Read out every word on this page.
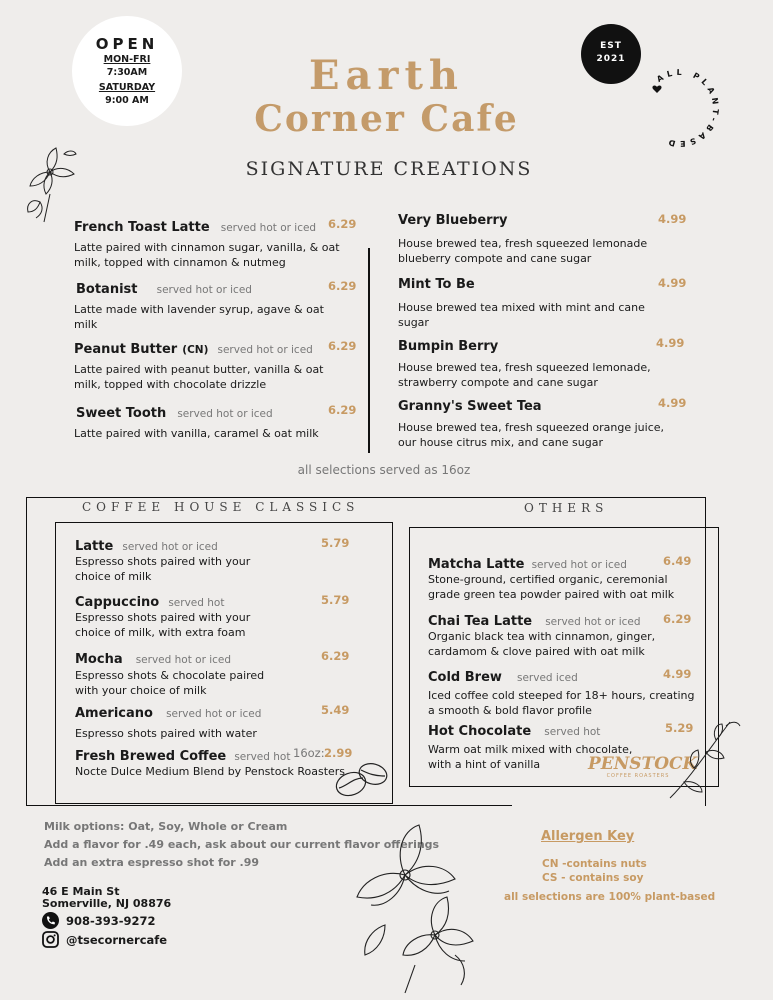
OPEN
MON-FRI
7:30AM
SATURDAY
9:00 AM
Earth
Corner Cafe
EST
2021
ALL PLANT-BASED
SIGNATURE CREATIONS
French Toast Latte served hot or iced 6.29
Latte paired with cinnamon sugar, vanilla, & oat milk, topped with cinnamon & nutmeg
Botanist served hot or iced	6.29
Latte made with lavender syrup, agave & oat milk
Peanut Butter (CN) served hot or iced 6.29
Latte paired with peanut butter, vanilla & oat milk, topped with chocolate drizzle
Sweet Tooth served hot or iced	6.29
Latte paired with vanilla, caramel & oat milk
Very Blueberry	4.99
House brewed tea, fresh squeezed lemonade blueberry compote and cane sugar
Mint To Be	4.99
House brewed tea mixed with mint and cane sugar
Bumpin Berry	4.99
House brewed tea, fresh squeezed lemonade, strawberry compote and cane sugar
Granny's Sweet Tea	4.99
House brewed tea, fresh squeezed orange juice, our house citrus mix, and cane sugar
all selections served as 16oz
COFFEE HOUSE CLASSICS	OTHERS
Latte served hot or iced	5.79
Espresso shots paired with your choice of milk
Cappuccino served hot	5.79
Espresso shots paired with your choice of milk, with extra foam
Mocha served hot or iced	6.29
Espresso shots & chocolate paired with your choice of milk
Americano served hot or iced	5.49
Espresso shots paired with water
Fresh Brewed Coffee served hot 16oz: 2.99
Nocte Dulce Medium Blend by Penstock Roasters
Matcha Latte served hot or iced	6.49
Stone-ground, certified organic, ceremonial grade green tea powder paired with oat milk
Chai Tea Latte served hot or iced 6.29
Organic black tea with cinnamon, ginger, cardamom & clove paired with oat milk
Cold Brew served iced	4.99
Iced coffee cold steeped for 18+ hours, creating a smooth & bold flavor profile
Hot Chocolate served hot	5.29
Warm oat milk mixed with chocolate, with a hint of vanilla	PENSTOCK
COFFEE ROASTERS
Milk options: Oat, Soy, Whole or Cream
Add a flavor for .49 each, ask about our current flavor offerings
Add an extra espresso shot for .99
Allergen Key
CN -contains nuts
CS - contains soy
all selections are 100% plant-based
46 E Main St
Somerville, NJ 08876
908-393-9272
@tsecornercafe
